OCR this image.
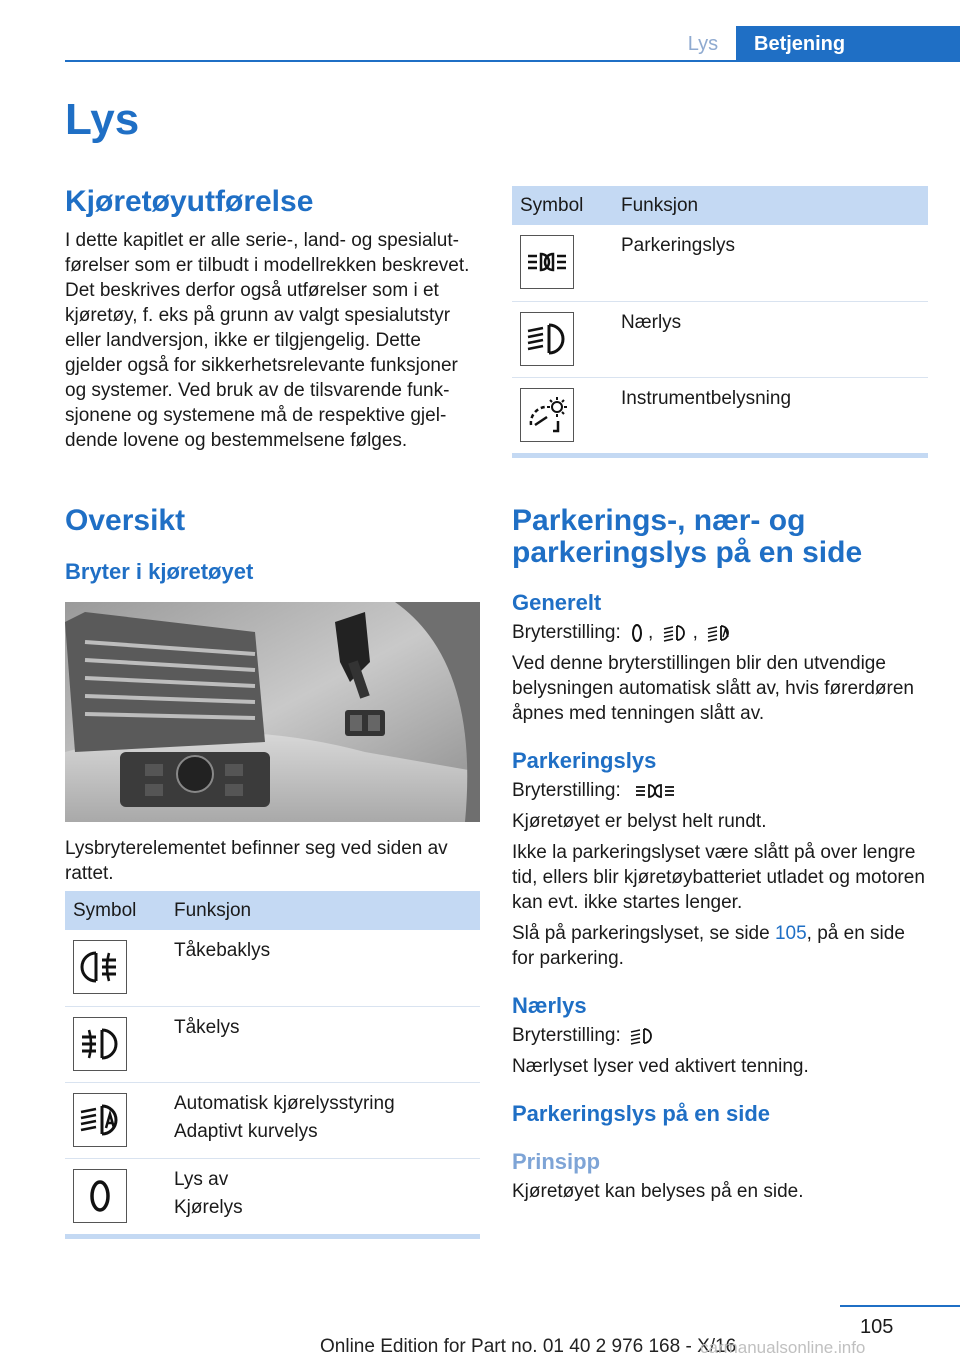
Lys	Betjening
Lys
Kjøretøyutførelse

I dette kapitlet er alle serie-, land- og spesialutførelser som er tilbudt i modellrekken beskrevet. Det beskrives derfor også utførelser som i et kjøretøy, f. eks på grunn av valgt spesialutstyr eller landversjon, ikke er tilgjengelig. Dette gjelder også for sikkerhetsrelevante funksjoner og systemer. Ved bruk av de tilsvarende funksjonene og systemene må de respektive gjeldende lovene og bestemmelsene følges.

Oversikt
Bryter i kjøretøyet

Lysbryterelementet befinner seg ved siden av rattet.

Symbol	Funksjon

Tåkebaklys

Tåkelys

Automatisk kjørelysstyring
Adaptivt kurvelys

Lys av
Kjørelys
Symbol	Funksjon

Parkeringslys

Nærlys

Instrumentbelysning
Parkerings-, nær- og parkeringslys på en side
Generelt

Bryterstilling: , ,

Ved denne bryterstillingen blir den utvendige belysningen automatisk slått av, hvis førerdøren åpnes med tenningen slått av.

Parkeringslys

Bryterstilling:

Kjøretøyet er belyst helt rundt.

Ikke la parkeringslyset være slått på over lengre tid, ellers blir kjøretøybatteriet utladet og motoren kan evt. ikke startes lenger.

Slå på parkeringslyset, se side 105, på en side for parkering.

Nærlys

Bryterstilling:

Nærlyset lyser ved aktivert tenning.

Parkeringslys på en side
Prinsipp

Kjøretøyet kan belyses på en side.

105
Online Edition for Part no. 01 40 2 976 168 - X/16
carmanualsonline.info
